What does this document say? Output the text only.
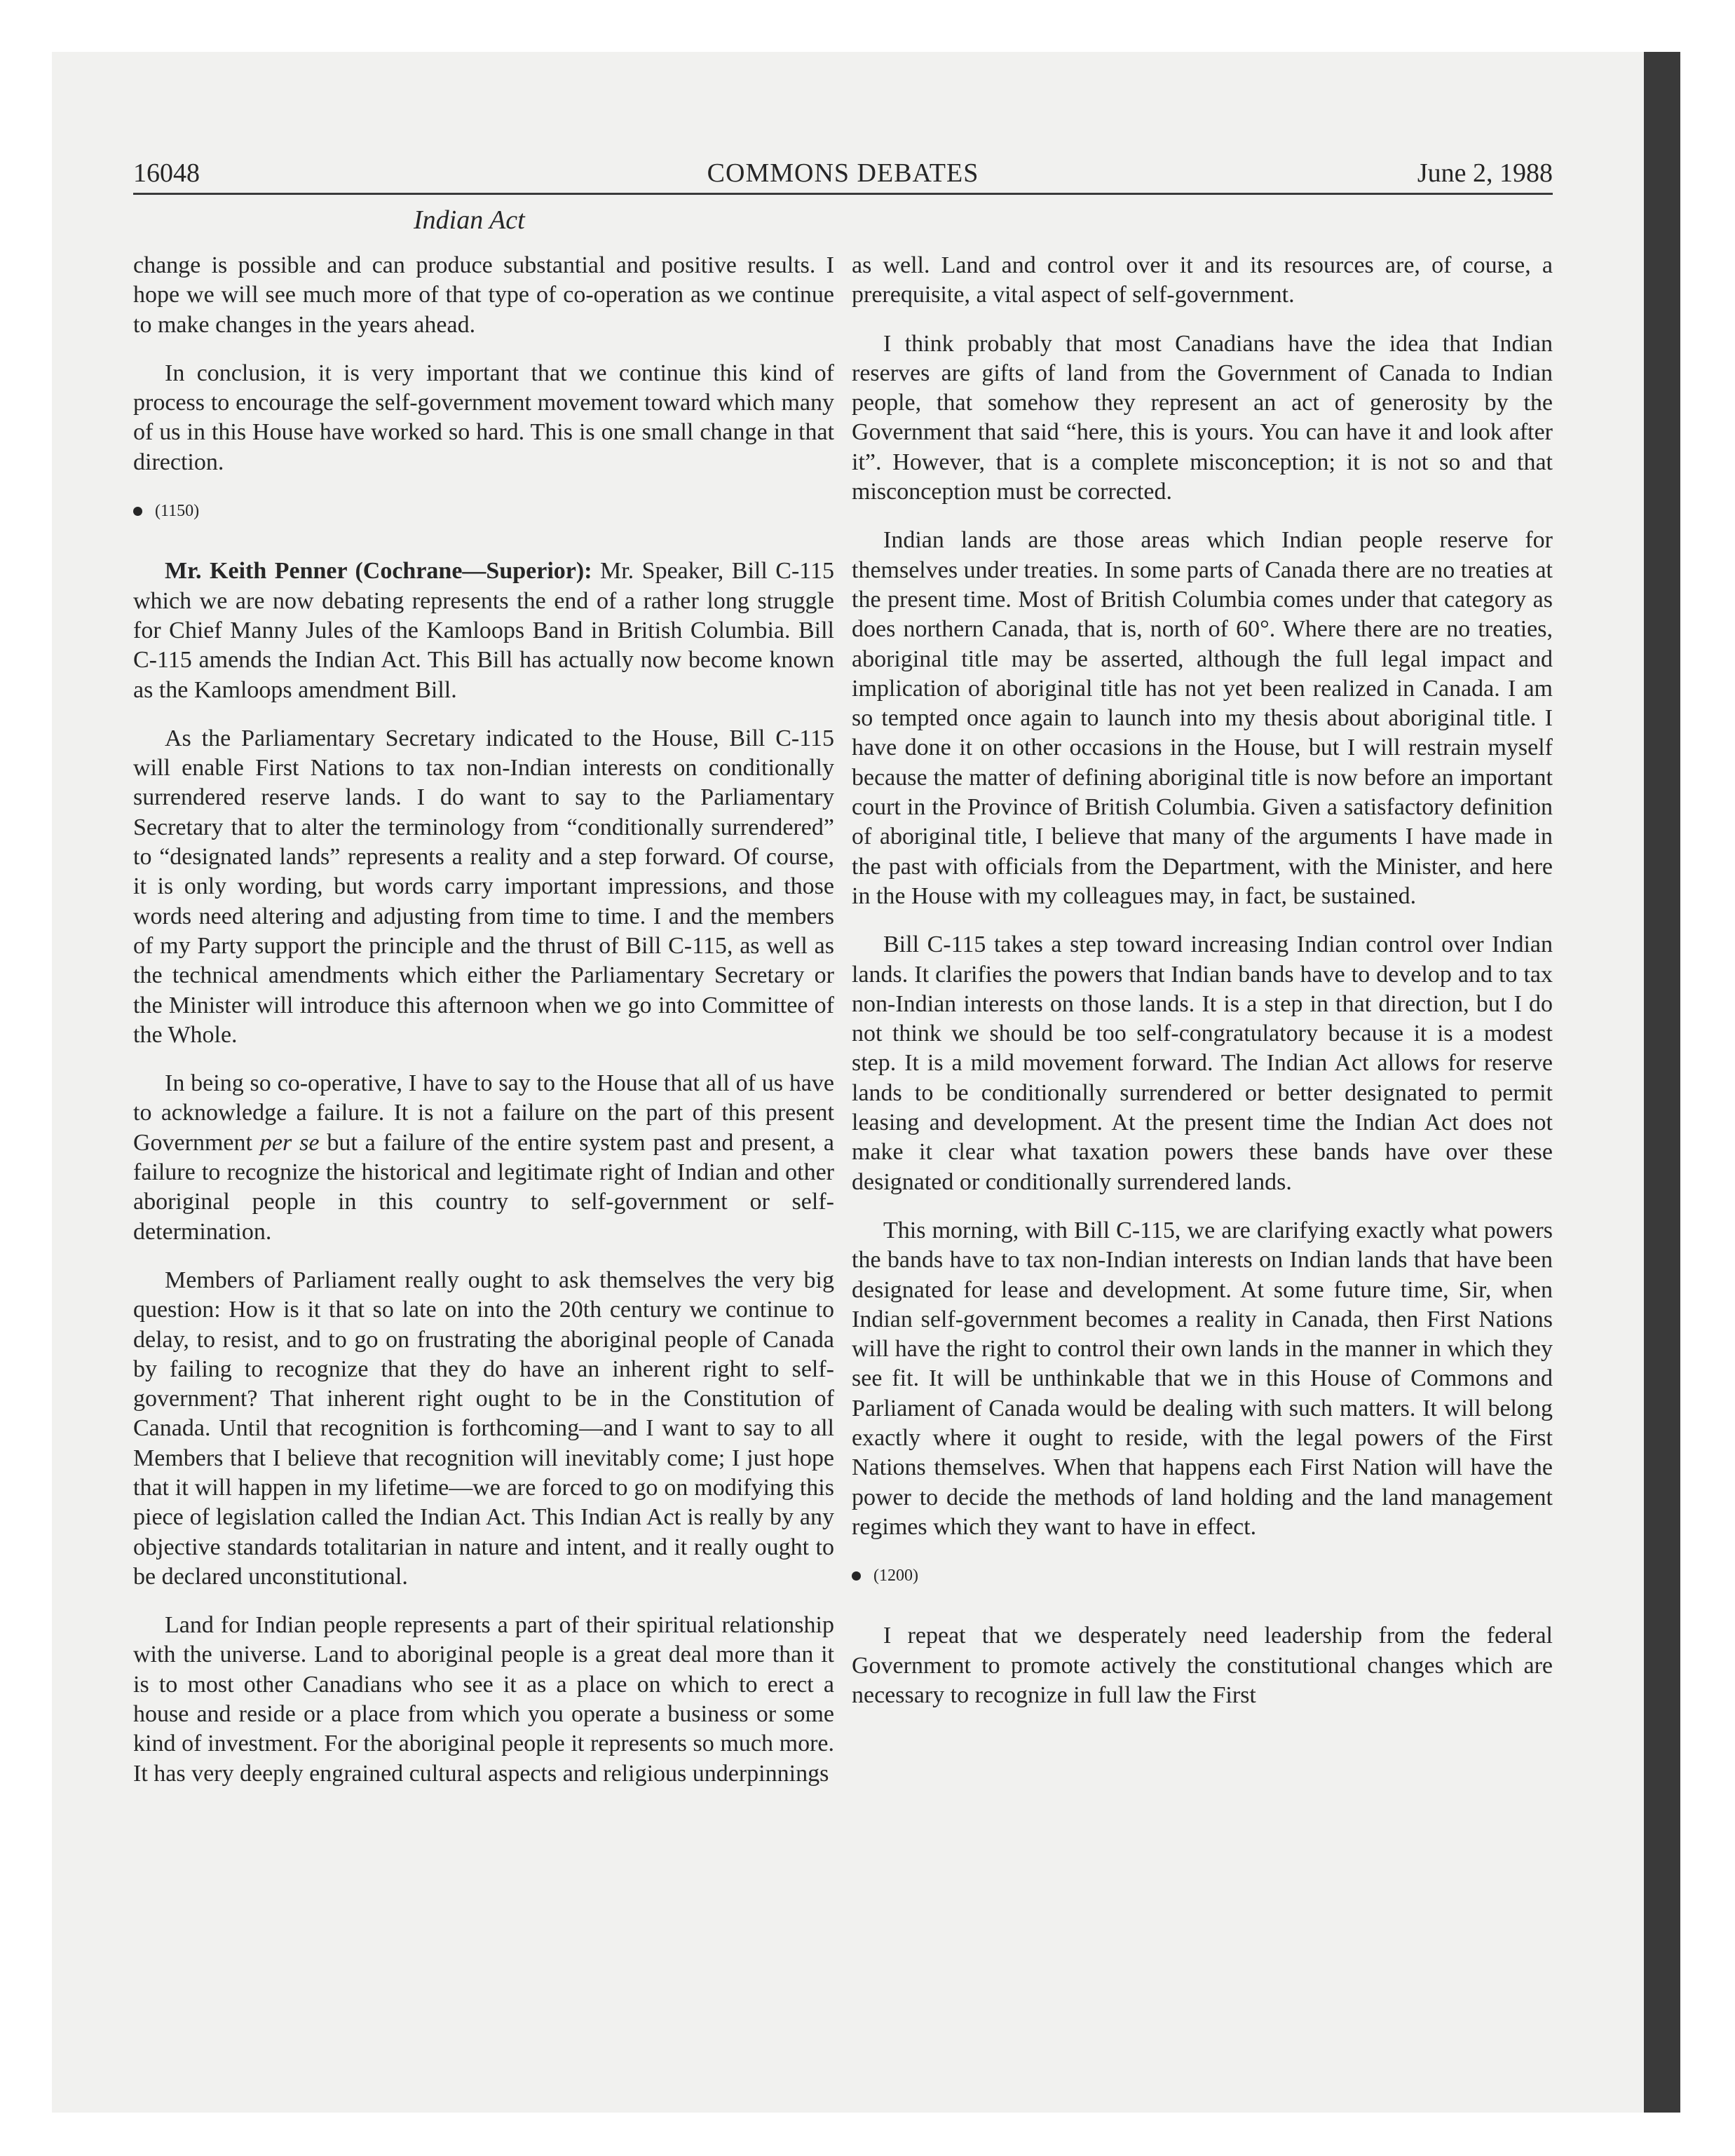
16048	COMMONS DEBATES	June 2, 1988
Indian Act

change is possible and can produce substantial and positive results. I hope we will see much more of that type of co-operation as we continue to make changes in the years ahead.

In conclusion, it is very important that we continue this kind of process to encourage the self-government movement toward which many of us in this House have worked so hard. This is one small change in that direction.

(1150)

Mr. Keith Penner (Cochrane—Superior): Mr. Speaker, Bill C-115 which we are now debating represents the end of a rather long struggle for Chief Manny Jules of the Kamloops Band in British Columbia. Bill C-115 amends the Indian Act. This Bill has actually now become known as the Kamloops amendment Bill.

As the Parliamentary Secretary indicated to the House, Bill C-115 will enable First Nations to tax non-Indian interests on conditionally surrendered reserve lands. I do want to say to the Parliamentary Secretary that to alter the terminology from “conditionally surrendered” to “designated lands” represents a reality and a step forward. Of course, it is only wording, but words carry important impressions, and those words need altering and adjusting from time to time. I and the members of my Party support the principle and the thrust of Bill C-115, as well as the technical amendments which either the Parliamentary Secretary or the Minister will introduce this afternoon when we go into Committee of the Whole.

In being so co-operative, I have to say to the House that all of us have to acknowledge a failure. It is not a failure on the part of this present Government per se but a failure of the entire system past and present, a failure to recognize the historical and legitimate right of Indian and other aboriginal people in this country to self-government or self-determination.

Members of Parliament really ought to ask themselves the very big question: How is it that so late on into the 20th century we continue to delay, to resist, and to go on frustrating the aboriginal people of Canada by failing to recognize that they do have an inherent right to self-government? That inherent right ought to be in the Constitution of Canada. Until that recognition is forthcoming—and I want to say to all Members that I believe that recognition will inevitably come; I just hope that it will happen in my lifetime—we are forced to go on modifying this piece of legislation called the Indian Act. This Indian Act is really by any objective standards totalitarian in nature and intent, and it really ought to be declared unconstitutional.

Land for Indian people represents a part of their spiritual relationship with the universe. Land to aboriginal people is a great deal more than it is to most other Canadians who see it as a place on which to erect a house and reside or a place from which you operate a business or some kind of investment. For the aboriginal people it represents so much more. It has very deeply engrained cultural aspects and religious underpinnings

as well. Land and control over it and its resources are, of course, a prerequisite, a vital aspect of self-government.

I think probably that most Canadians have the idea that Indian reserves are gifts of land from the Government of Canada to Indian people, that somehow they represent an act of generosity by the Government that said “here, this is yours. You can have it and look after it”. However, that is a complete misconception; it is not so and that misconception must be corrected.

Indian lands are those areas which Indian people reserve for themselves under treaties. In some parts of Canada there are no treaties at the present time. Most of British Columbia comes under that category as does northern Canada, that is, north of 60°. Where there are no treaties, aboriginal title may be asserted, although the full legal impact and implication of aboriginal title has not yet been realized in Canada. I am so tempted once again to launch into my thesis about aboriginal title. I have done it on other occasions in the House, but I will restrain myself because the matter of defining aboriginal title is now before an important court in the Province of British Columbia. Given a satisfactory definition of aboriginal title, I believe that many of the arguments I have made in the past with officials from the Department, with the Minister, and here in the House with my colleagues may, in fact, be sustained.

Bill C-115 takes a step toward increasing Indian control over Indian lands. It clarifies the powers that Indian bands have to develop and to tax non-Indian interests on those lands. It is a step in that direction, but I do not think we should be too self-congratulatory because it is a modest step. It is a mild movement forward. The Indian Act allows for reserve lands to be conditionally surrendered or better designated to permit leasing and development. At the present time the Indian Act does not make it clear what taxation powers these bands have over these designated or conditionally surrendered lands.

This morning, with Bill C-115, we are clarifying exactly what powers the bands have to tax non-Indian interests on Indian lands that have been designated for lease and development. At some future time, Sir, when Indian self-government becomes a reality in Canada, then First Nations will have the right to control their own lands in the manner in which they see fit. It will be unthinkable that we in this House of Commons and Parliament of Canada would be dealing with such matters. It will belong exactly where it ought to reside, with the legal powers of the First Nations themselves. When that happens each First Nation will have the power to decide the methods of land holding and the land management regimes which they want to have in effect.

(1200)

I repeat that we desperately need leadership from the federal Government to promote actively the constitutional changes which are necessary to recognize in full law the First
